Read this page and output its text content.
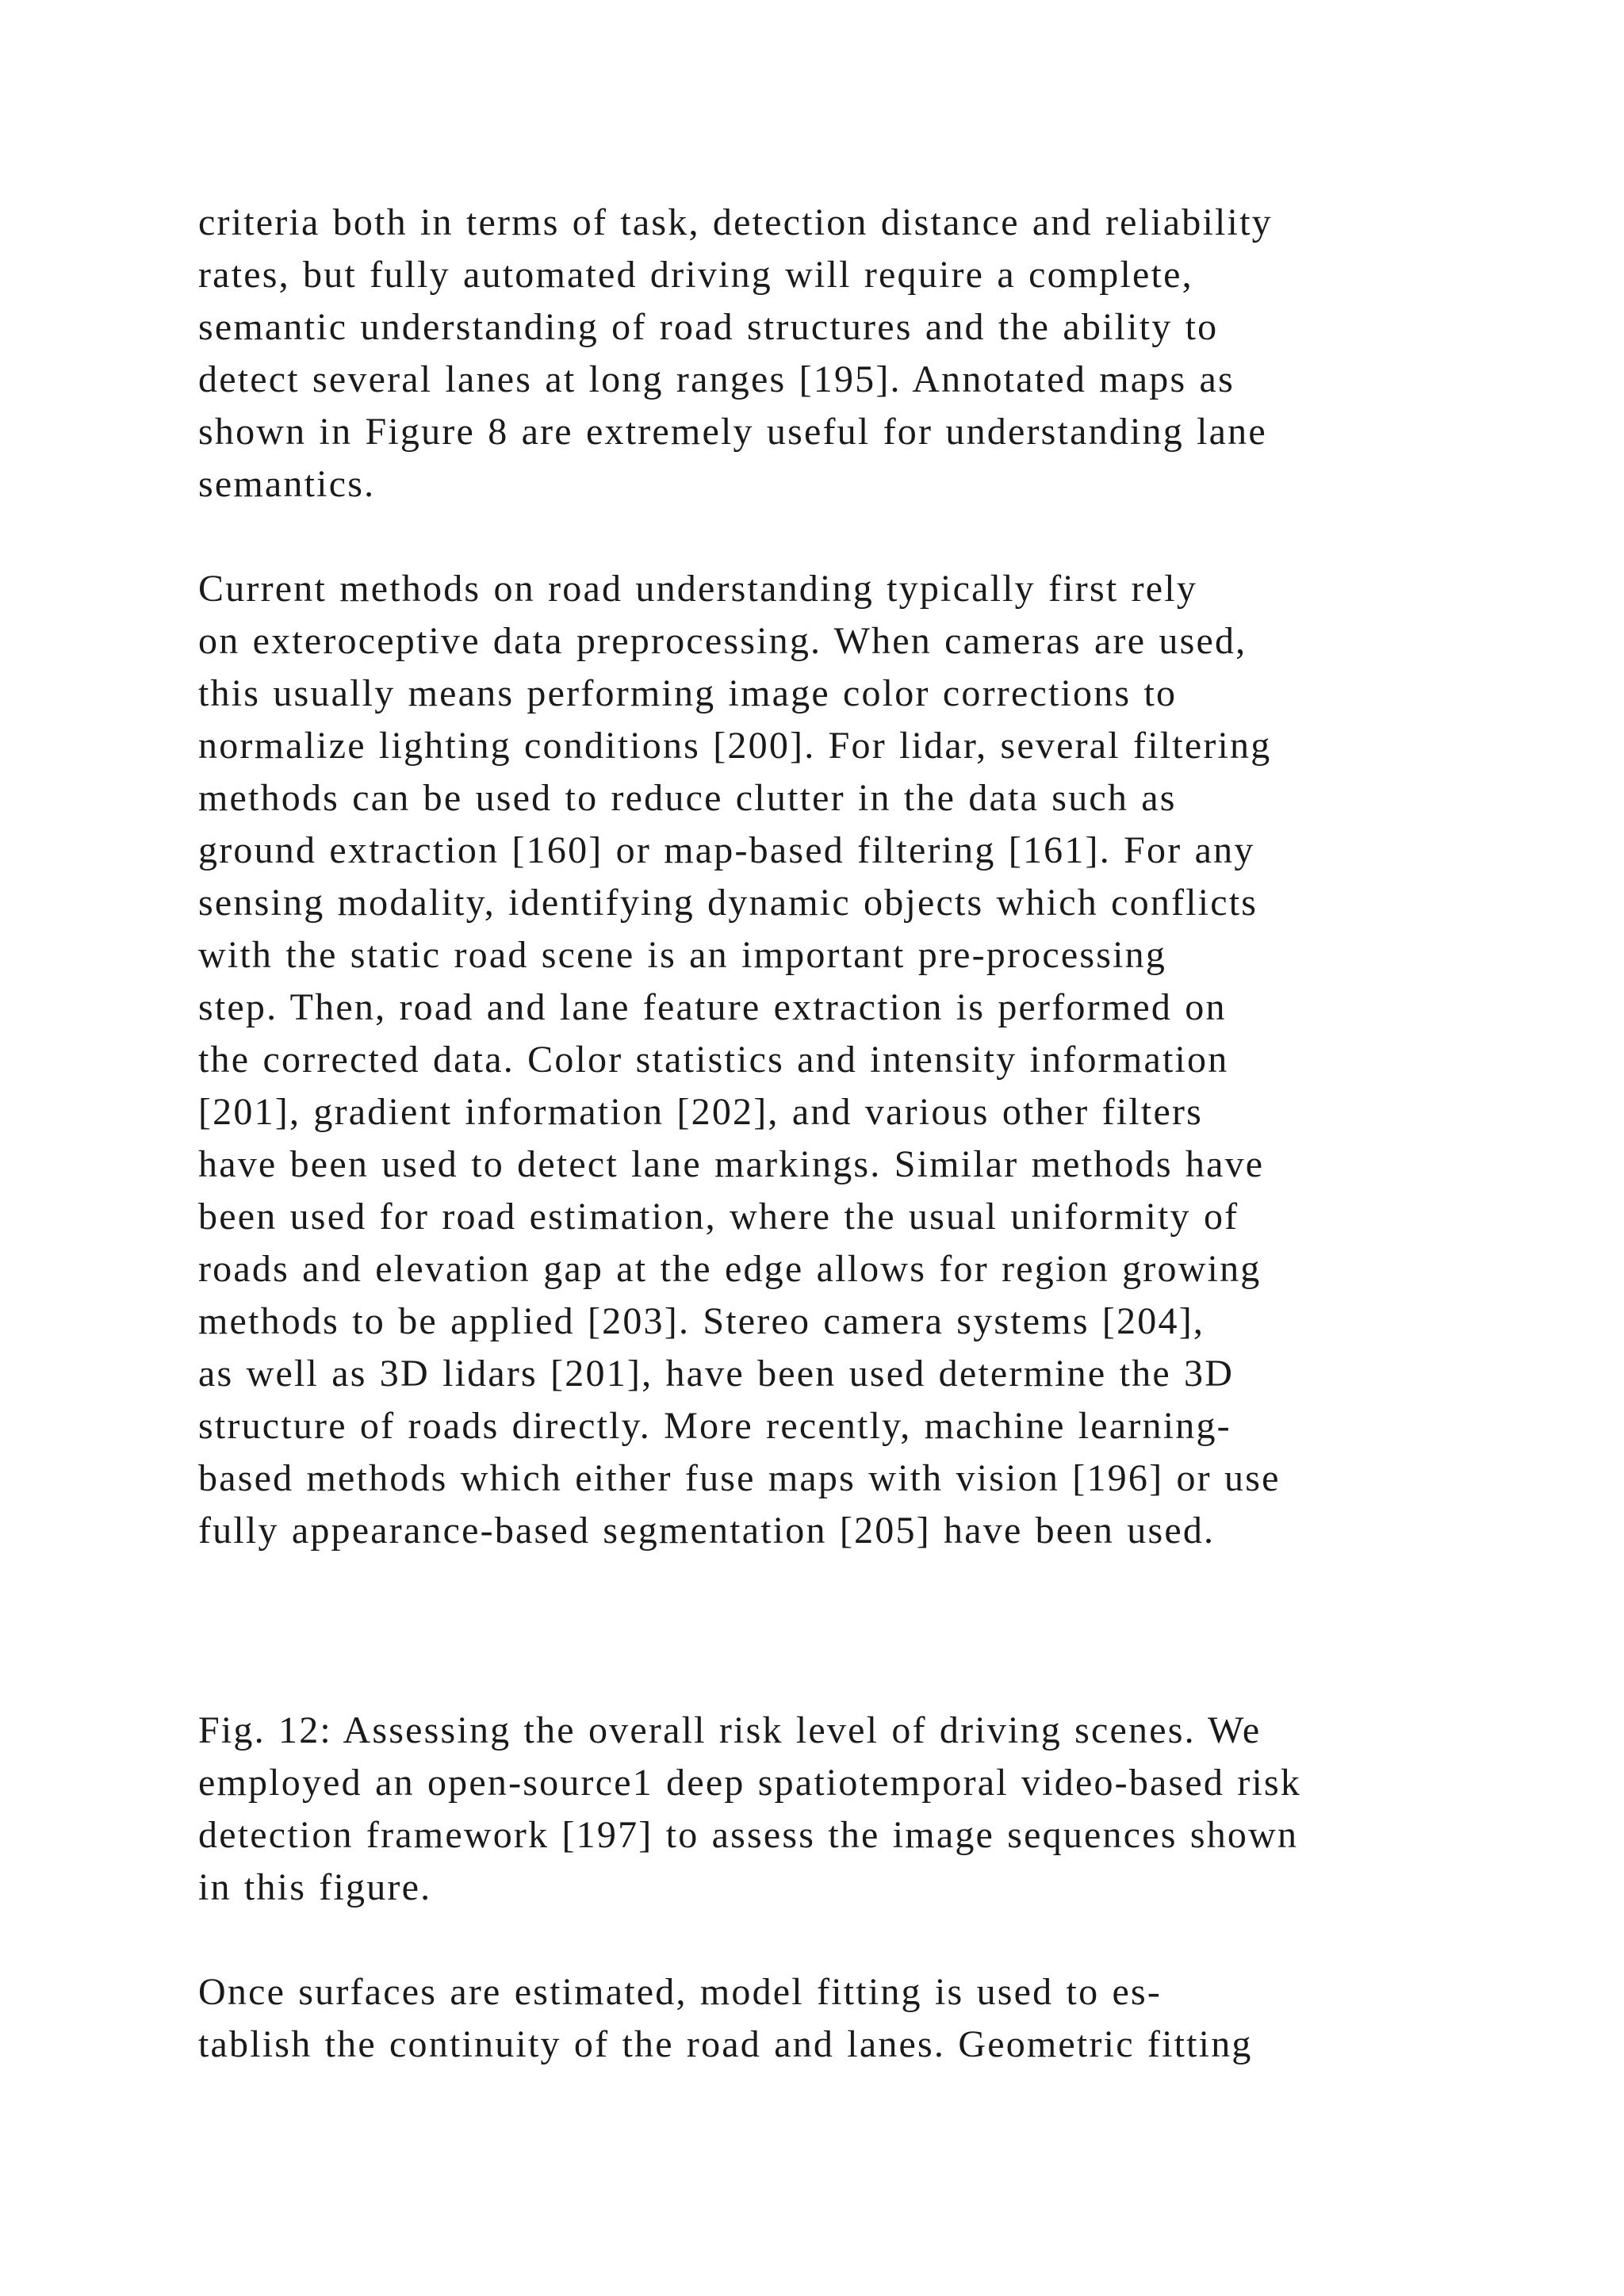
criteria both in terms of task, detection distance and reliability
rates, but fully automated driving will require a complete,
semantic understanding of road structures and the ability to
detect several lanes at long ranges [195]. Annotated maps as
shown in Figure 8 are extremely useful for understanding lane
semantics.
Current methods on road understanding typically first rely
on exteroceptive data preprocessing. When cameras are used,
this usually means performing image color corrections to
normalize lighting conditions [200]. For lidar, several filtering
methods can be used to reduce clutter in the data such as
ground extraction [160] or map-based filtering [161]. For any
sensing modality, identifying dynamic objects which conflicts
with the static road scene is an important pre-processing
step. Then, road and lane feature extraction is performed on
the corrected data. Color statistics and intensity information
[201], gradient information [202], and various other filters
have been used to detect lane markings. Similar methods have
been used for road estimation, where the usual uniformity of
roads and elevation gap at the edge allows for region growing
methods to be applied [203]. Stereo camera systems [204],
as well as 3D lidars [201], have been used determine the 3D
structure of roads directly. More recently, machine learning-
based methods which either fuse maps with vision [196] or use
fully appearance-based segmentation [205] have been used.
Fig. 12: Assessing the overall risk level of driving scenes. We
employed an open-source1 deep spatiotemporal video-based risk
detection framework [197] to assess the image sequences shown
in this figure.
Once surfaces are estimated, model fitting is used to es-
tablish the continuity of the road and lanes. Geometric fitting
